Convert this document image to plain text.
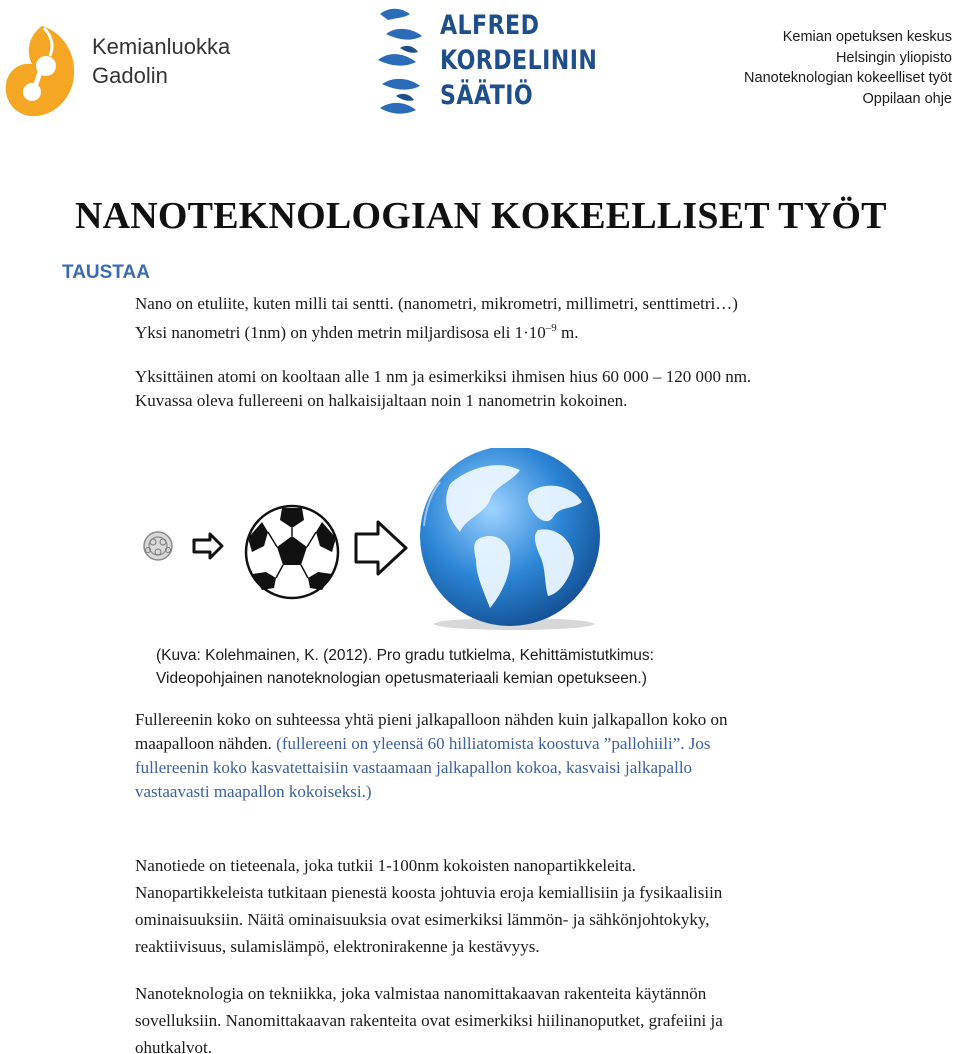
Kemianluokka
Gadolin
ALFRED
KORDELININ
SÄÄTIÖ
Kemian opetuksen keskus
Helsingin yliopisto
Nanoteknologian kokeelliset työt
Oppilaan ohje
NANOTEKNOLOGIAN KOKEELLISET TYÖT
TAUSTAA

Nano on etuliite, kuten milli tai sentti. (nanometri, mikrometri, millimetri, senttimetri…)

Yksi nanometri (1nm) on yhden metrin miljardisosa eli $1\cdot 10^{-9}$ m.

Yksittäinen atomi on kooltaan alle 1 nm ja esimerkiksi ihmisen hius 60 000 – 120 000 nm.

Kuvassa oleva fullereeni on halkaisijaltaan noin 1 nanometrin kokoinen.

(Kuva: Kolehmainen, K. (2012). Pro gradu tutkielma, Kehittämistutkimus:
Videopohjainen nanoteknologian opetusmateriaali kemian opetukseen.)

Fullereenin koko on suhteessa yhtä pieni jalkapalloon nähden kuin jalkapallon koko on

maapalloon nähden. (fullereeni on yleensä 60 hilliatomista koostuva ”pallohiili”. Jos

fullereenin koko kasvatettaisiin vastaamaan jalkapallon kokoa, kasvaisi jalkapallo

vastaavasti maapallon kokoiseksi.)

Nanotiede on tieteenala, joka tutkii 1-100nm kokoisten nanopartikkeleita.

Nanopartikkeleista tutkitaan pienestä koosta johtuvia eroja kemiallisiin ja fysikaalisiin

ominaisuuksiin. Näitä ominaisuuksia ovat esimerkiksi lämmön- ja sähkönjohtokyky,

reaktiivisuus, sulamislämpö, elektronirakenne ja kestävyys.

Nanoteknologia on tekniikka, joka valmistaa nanomittakaavan rakenteita käytännön

sovelluksiin. Nanomittakaavan rakenteita ovat esimerkiksi hiilinanoputket, grafeiini ja

ohutkalvot.
